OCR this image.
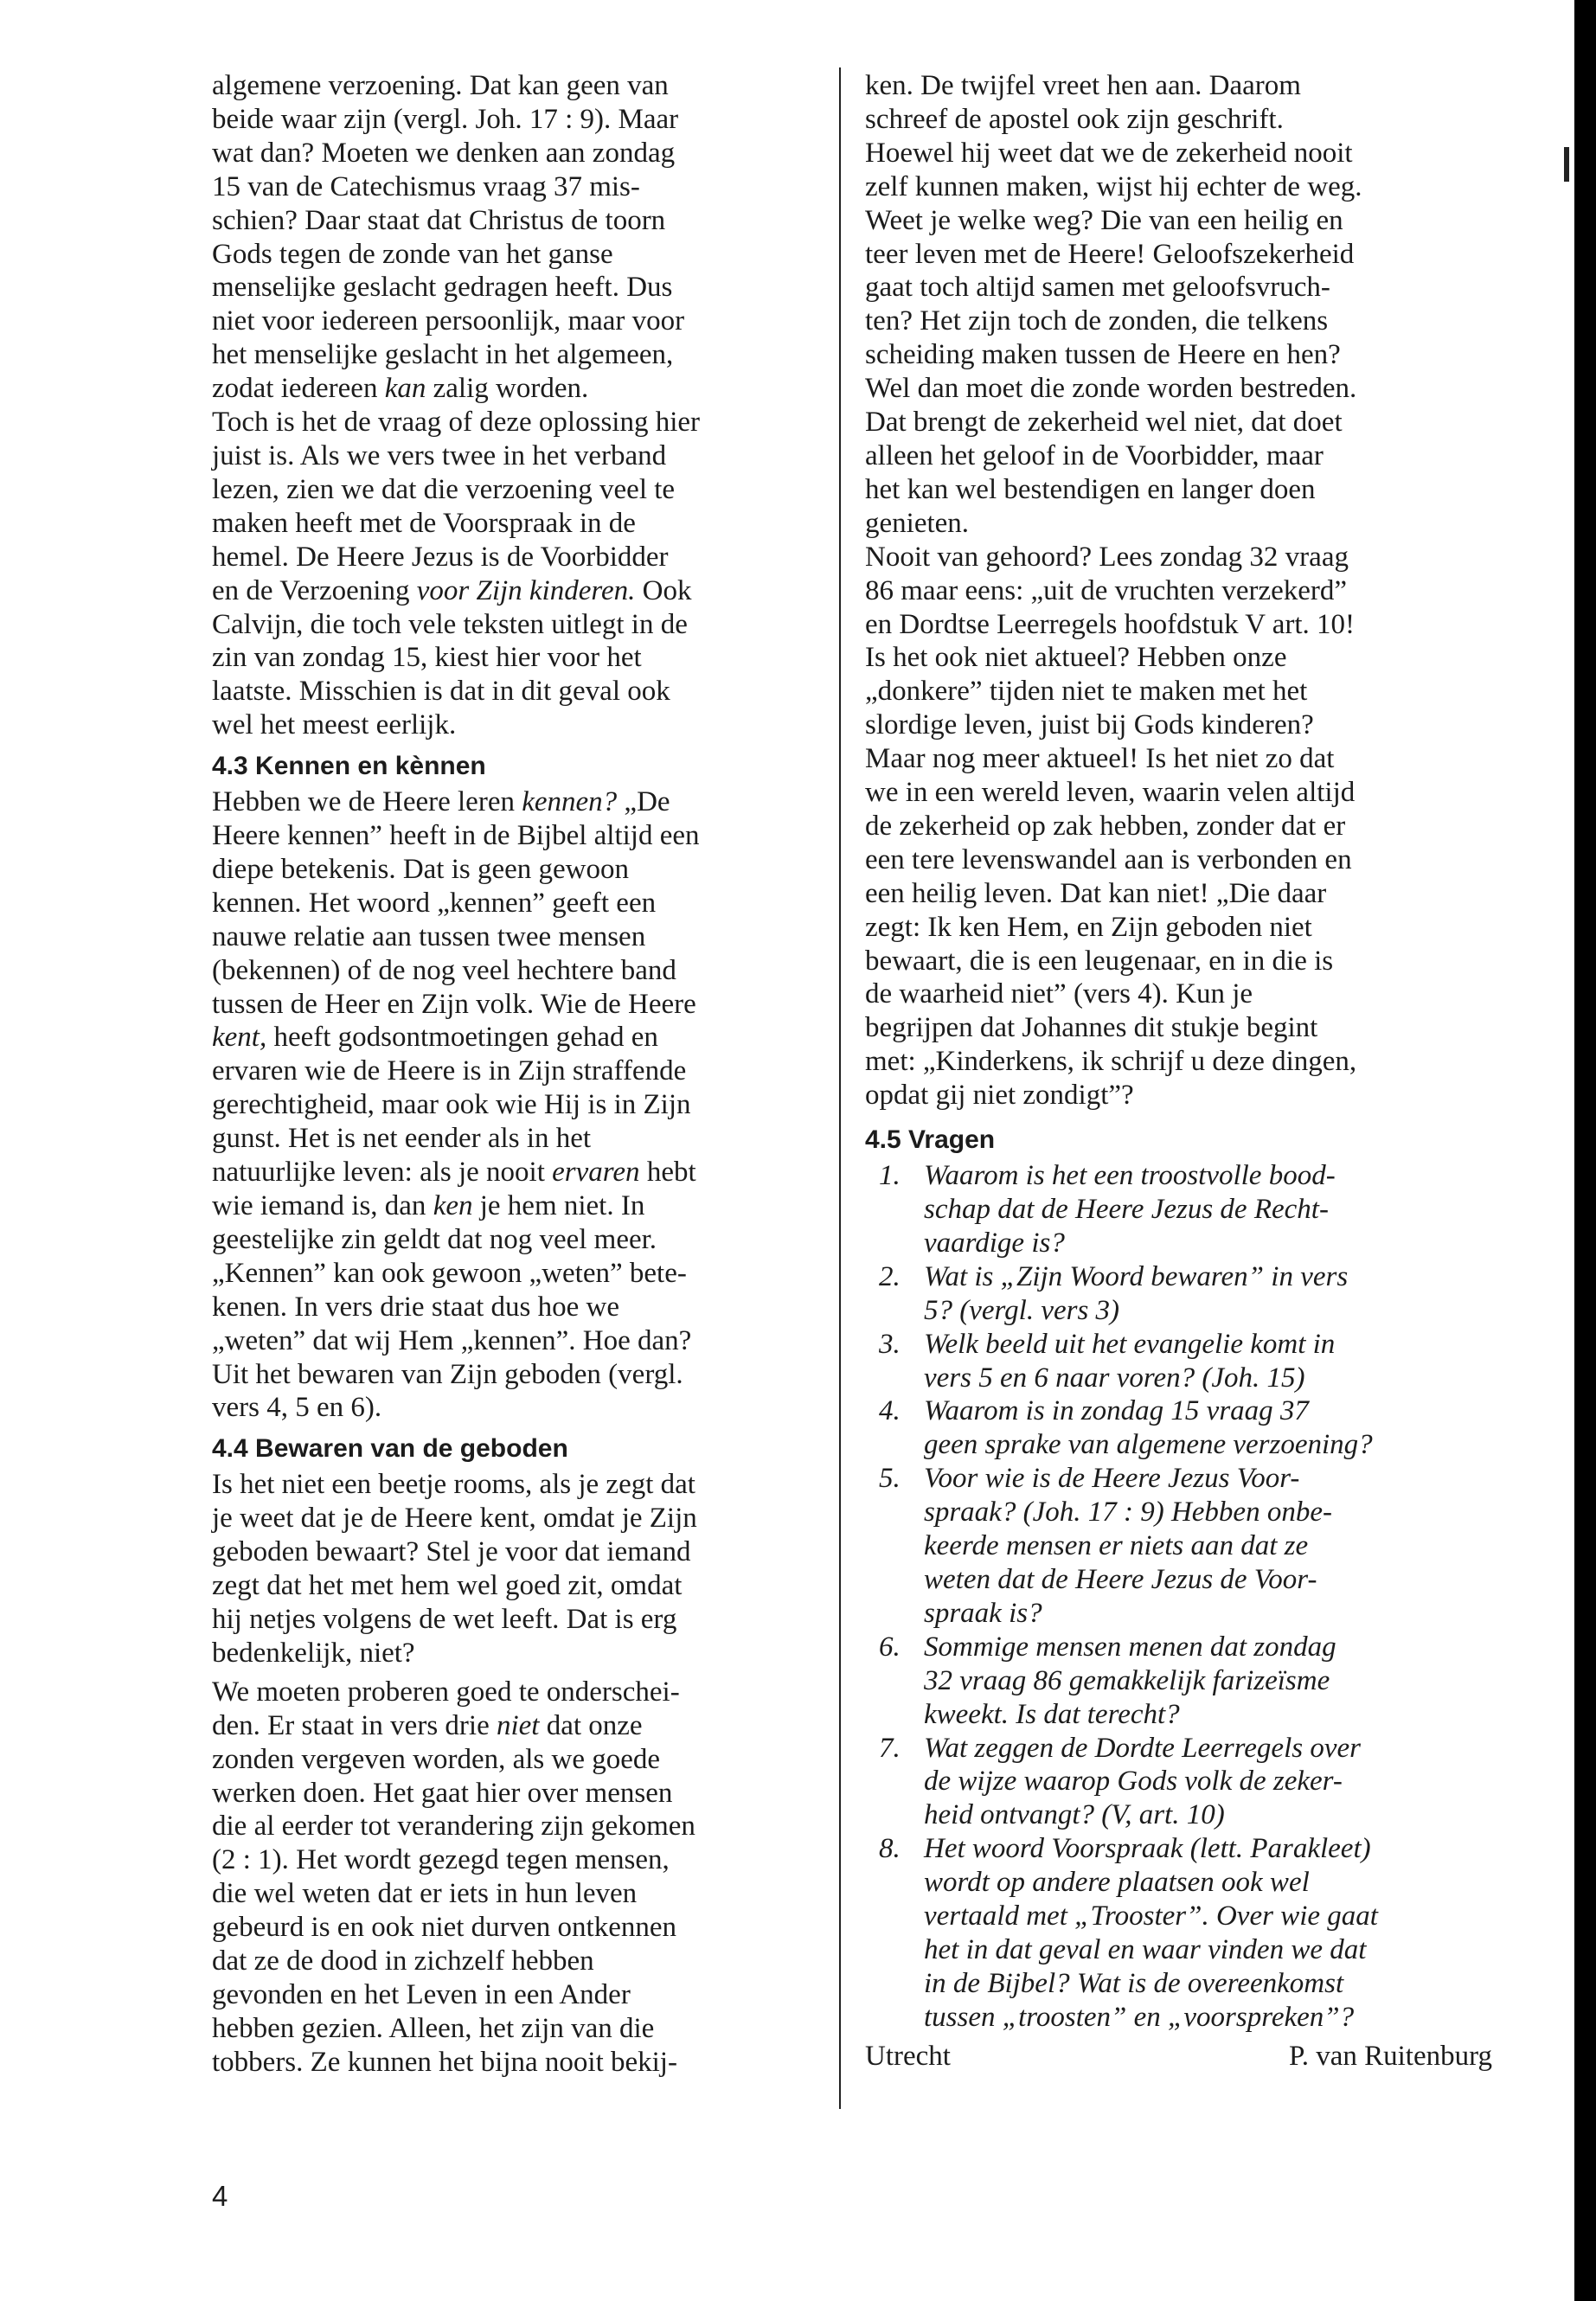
algemene verzoening. Dat kan geen van
beide waar zijn (vergl. Joh. 17 : 9). Maar
wat dan? Moeten we denken aan zondag
15 van de Catechismus vraag 37 mis-
schien? Daar staat dat Christus de toorn
Gods tegen de zonde van het ganse
menselijke geslacht gedragen heeft. Dus
niet voor iedereen persoonlijk, maar voor
het menselijke geslacht in het algemeen,
zodat iedereen kan zalig worden.

Toch is het de vraag of deze oplossing hier
juist is. Als we vers twee in het verband
lezen, zien we dat die verzoening veel te
maken heeft met de Voorspraak in de
hemel. De Heere Jezus is de Voorbidder
en de Verzoening voor Zijn kinderen. Ook
Calvijn, die toch vele teksten uitlegt in de
zin van zondag 15, kiest hier voor het
laatste. Misschien is dat in dit geval ook
wel het meest eerlijk.

4.3 Kennen en kènnen

Hebben we de Heere leren kennen? „De
Heere kennen” heeft in de Bijbel altijd een
diepe betekenis. Dat is geen gewoon
kennen. Het woord „kennen” geeft een
nauwe relatie aan tussen twee mensen
(bekennen) of de nog veel hechtere band
tussen de Heer en Zijn volk. Wie de Heere
kent, heeft godsontmoetingen gehad en
ervaren wie de Heere is in Zijn straffende
gerechtigheid, maar ook wie Hij is in Zijn
gunst. Het is net eender als in het
natuurlijke leven: als je nooit ervaren hebt
wie iemand is, dan ken je hem niet. In
geestelijke zin geldt dat nog veel meer.
„Kennen” kan ook gewoon „weten” bete-
kenen. In vers drie staat dus hoe we
„weten” dat wij Hem „kennen”. Hoe dan?
Uit het bewaren van Zijn geboden (vergl.
vers 4, 5 en 6).

4.4 Bewaren van de geboden

Is het niet een beetje rooms, als je zegt dat
je weet dat je de Heere kent, omdat je Zijn
geboden bewaart? Stel je voor dat iemand
zegt dat het met hem wel goed zit, omdat
hij netjes volgens de wet leeft. Dat is erg
bedenkelijk, niet?
We moeten proberen goed te onderschei-
den. Er staat in vers drie niet dat onze
zonden vergeven worden, als we goede
werken doen. Het gaat hier over mensen
die al eerder tot verandering zijn gekomen
(2 : 1). Het wordt gezegd tegen mensen,
die wel weten dat er iets in hun leven
gebeurd is en ook niet durven ontkennen
dat ze de dood in zichzelf hebben
gevonden en het Leven in een Ander
hebben gezien. Alleen, het zijn van die
tobbers. Ze kunnen het bijna nooit bekij-

ken. De twijfel vreet hen aan. Daarom
schreef de apostel ook zijn geschrift.
Hoewel hij weet dat we de zekerheid nooit
zelf kunnen maken, wijst hij echter de weg.
Weet je welke weg? Die van een heilig en
teer leven met de Heere! Geloofszekerheid
gaat toch altijd samen met geloofsvruch-
ten? Het zijn toch de zonden, die telkens
scheiding maken tussen de Heere en hen?
Wel dan moet die zonde worden bestreden.
Dat brengt de zekerheid wel niet, dat doet
alleen het geloof in de Voorbidder, maar
het kan wel bestendigen en langer doen
genieten.

Nooit van gehoord? Lees zondag 32 vraag
86 maar eens: „uit de vruchten verzekerd”
en Dordtse Leerregels hoofdstuk V art. 10!
Is het ook niet aktueel? Hebben onze
„donkere” tijden niet te maken met het
slordige leven, juist bij Gods kinderen?
Maar nog meer aktueel! Is het niet zo dat
we in een wereld leven, waarin velen altijd
de zekerheid op zak hebben, zonder dat er
een tere levenswandel aan is verbonden en
een heilig leven. Dat kan niet! „Die daar
zegt: Ik ken Hem, en Zijn geboden niet
bewaart, die is een leugenaar, en in die is
de waarheid niet” (vers 4). Kun je
begrijpen dat Johannes dit stukje begint
met: „Kinderkens, ik schrijf u deze dingen,
opdat gij niet zondigt”?

4.5 Vragen
1. Waarom is het een troostvolle bood-
schap dat de Heere Jezus de Recht-
vaardige is?
2. Wat is „Zijn Woord bewaren” in vers
5? (vergl. vers 3)
3. Welk beeld uit het evangelie komt in
vers 5 en 6 naar voren? (Joh. 15)
4. Waarom is in zondag 15 vraag 37
geen sprake van algemene verzoening?
5. Voor wie is de Heere Jezus Voor-
spraak? (Joh. 17 : 9) Hebben onbe-
keerde mensen er niets aan dat ze
weten dat de Heere Jezus de Voor-
spraak is?
6. Sommige mensen menen dat zondag
32 vraag 86 gemakkelijk farizeïsme
kweekt. Is dat terecht?
7. Wat zeggen de Dordte Leerregels over
de wijze waarop Gods volk de zeker-
heid ontvangt? (V, art. 10)
8. Het woord Voorspraak (lett. Parakleet)
wordt op andere plaatsen ook wel
vertaald met „Trooster”. Over wie gaat
het in dat geval en waar vinden we dat
in de Bijbel? Wat is de overeenkomst
tussen „troosten” en „voorspreken”?
Utrecht	P. van Ruitenburg
4
